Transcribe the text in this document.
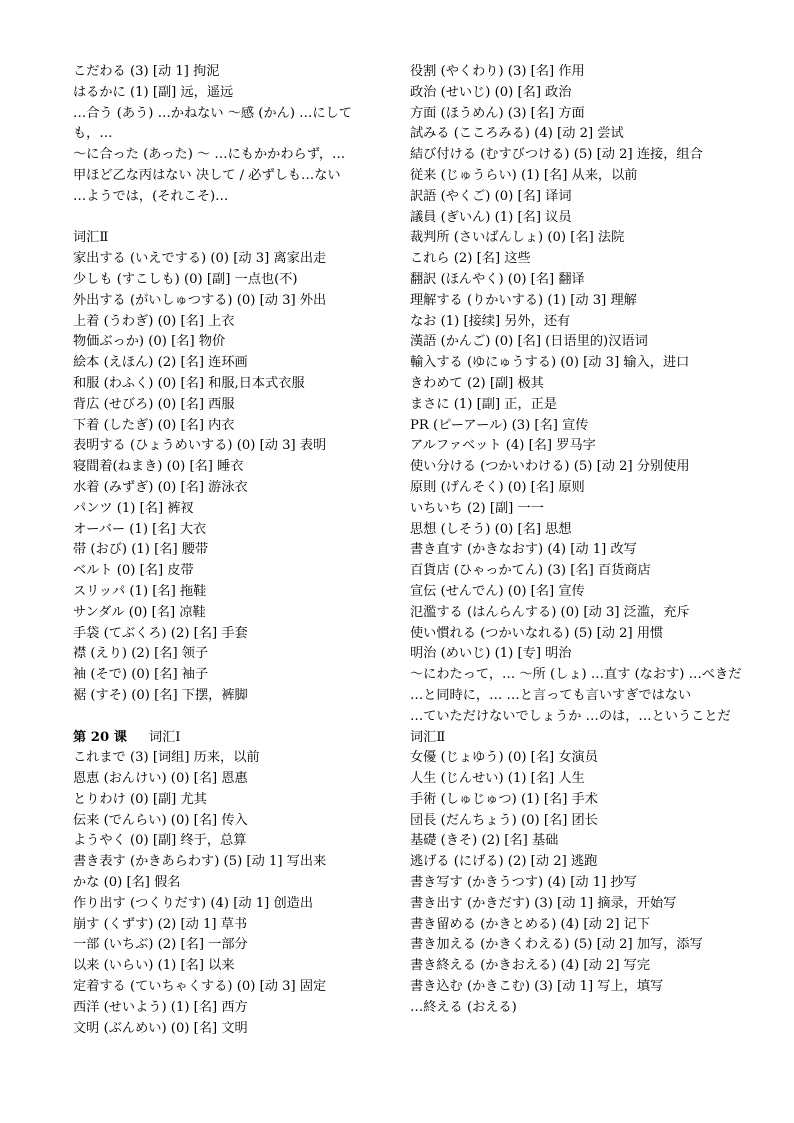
こだわる (3) [动 1] 拘泥
はるかに (1) [副] 远，遥远
…合う (あう) …かねない ～感 (かん) …にしても，…
～に合った (あった) ～ …にもかかわらず，…
甲ほど乙な丙はない 决して / 必ずしも…ない
…ようでは，(それこそ)…
词汇Ⅱ
家出する (いえでする) (0) [动 3] 离家出走
少しも (すこしも) (0) [副] 一点也(不)
外出する (がいしゅつする) (0) [动 3] 外出
上着 (うわぎ) (0) [名] 上衣
物価ぶっか) (0) [名] 物价
絵本 (えほん) (2) [名] 连环画
和服 (わふく) (0) [名] 和服,日本式衣服
背広 (せびろ) (0) [名] 西服
下着 (したぎ) (0) [名] 内衣
表明する (ひょうめいする) (0) [动 3] 表明
寝間着(ねまき) (0) [名] 睡衣
水着 (みずぎ) (0) [名] 游泳衣
パンツ (1) [名] 裤衩
オーバー (1) [名] 大衣
帯 (おび) (1) [名] 腰带
ベルト (0) [名] 皮带
スリッパ (1) [名] 拖鞋
サンダル (0) [名] 凉鞋
手袋 (てぶくろ) (2) [名] 手套
襟 (えり) (2) [名] 领子
袖 (そで) (0) [名] 袖子
裾 (すそ) (0) [名] 下摆，裤脚
第 20 课 词汇Ⅰ
これまで (3) [词组] 历来，以前
恩恵 (おんけい) (0) [名] 恩惠
とりわけ (0) [副] 尤其
伝来 (でんらい) (0) [名] 传入
ようやく (0) [副] 终于，总算
書き表す (かきあらわす) (5) [动 1] 写出来
かな (0) [名] 假名
作り出す (つくりだす) (4) [动 1] 创造出
崩す (くずす) (2) [动 1] 草书
一部 (いちぶ) (2) [名] 一部分
以来 (いらい) (1) [名] 以来
定着する (ていちゃくする) (0) [动 3] 固定
西洋 (せいよう) (1) [名] 西方
文明 (ぶんめい) (0) [名] 文明
役割 (やくわり) (3) [名] 作用
政治 (せいじ) (0) [名] 政治
方面 (ほうめん) (3) [名] 方面
試みる (こころみる) (4) [动 2] 尝试
結び付ける (むすびつける) (5) [动 2] 连接，组合
従来 (じゅうらい) (1) [名] 从来，以前
訳語 (やくご) (0) [名] 译词
議員 (ぎいん) (1) [名] 议员
裁判所 (さいばんしょ) (0) [名] 法院
これら (2) [名] 这些
翻訳 (ほんやく) (0) [名] 翻译
理解する (りかいする) (1) [动 3] 理解
なお (1) [接续] 另外，还有
漢語 (かんご) (0) [名] (日语里的)汉语词
輸入する (ゆにゅうする) (0) [动 3] 输入，进口
きわめて (2) [副] 极其
まさに (1) [副] 正，正是
PR (ピーアール) (3) [名] 宣传
アルファベット (4) [名] 罗马字
使い分ける (つかいわける) (5) [动 2] 分别使用
原則 (げんそく) (0) [名] 原则
いちいち (2) [副] 一一
思想 (しそう) (0) [名] 思想
書き直す (かきなおす) (4) [动 1] 改写
百貨店 (ひゃっかてん) (3) [名] 百货商店
宣伝 (せんでん) (0) [名] 宣传
氾濫する (はんらんする) (0) [动 3] 泛滥，充斥
使い慣れる (つかいなれる) (5) [动 2] 用惯
明治 (めいじ) (1) [专] 明治
～にわたって，… ～所 (しょ) …直す (なおす) …べきだ
…と同時に，… …と言っても言いすぎではない
…ていただけないでしょうか …のは，…ということだ
词汇Ⅱ
女優 (じょゆう) (0) [名] 女演员
人生 (じんせい) (1) [名] 人生
手術 (しゅじゅつ) (1) [名] 手术
団長 (だんちょう) (0) [名] 团长
基礎 (きそ) (2) [名] 基础
逃げる (にげる) (2) [动 2] 逃跑
書き写す (かきうつす) (4) [动 1] 抄写
書き出す (かきだす) (3) [动 1] 摘录，开始写
書き留める (かきとめる) (4) [动 2] 记下
書き加える (かきくわえる) (5) [动 2] 加写，添写
書き終える (かきおえる) (4) [动 2] 写完
書き込む (かきこむ) (3) [动 1] 写上，填写
…終える (おえる)
